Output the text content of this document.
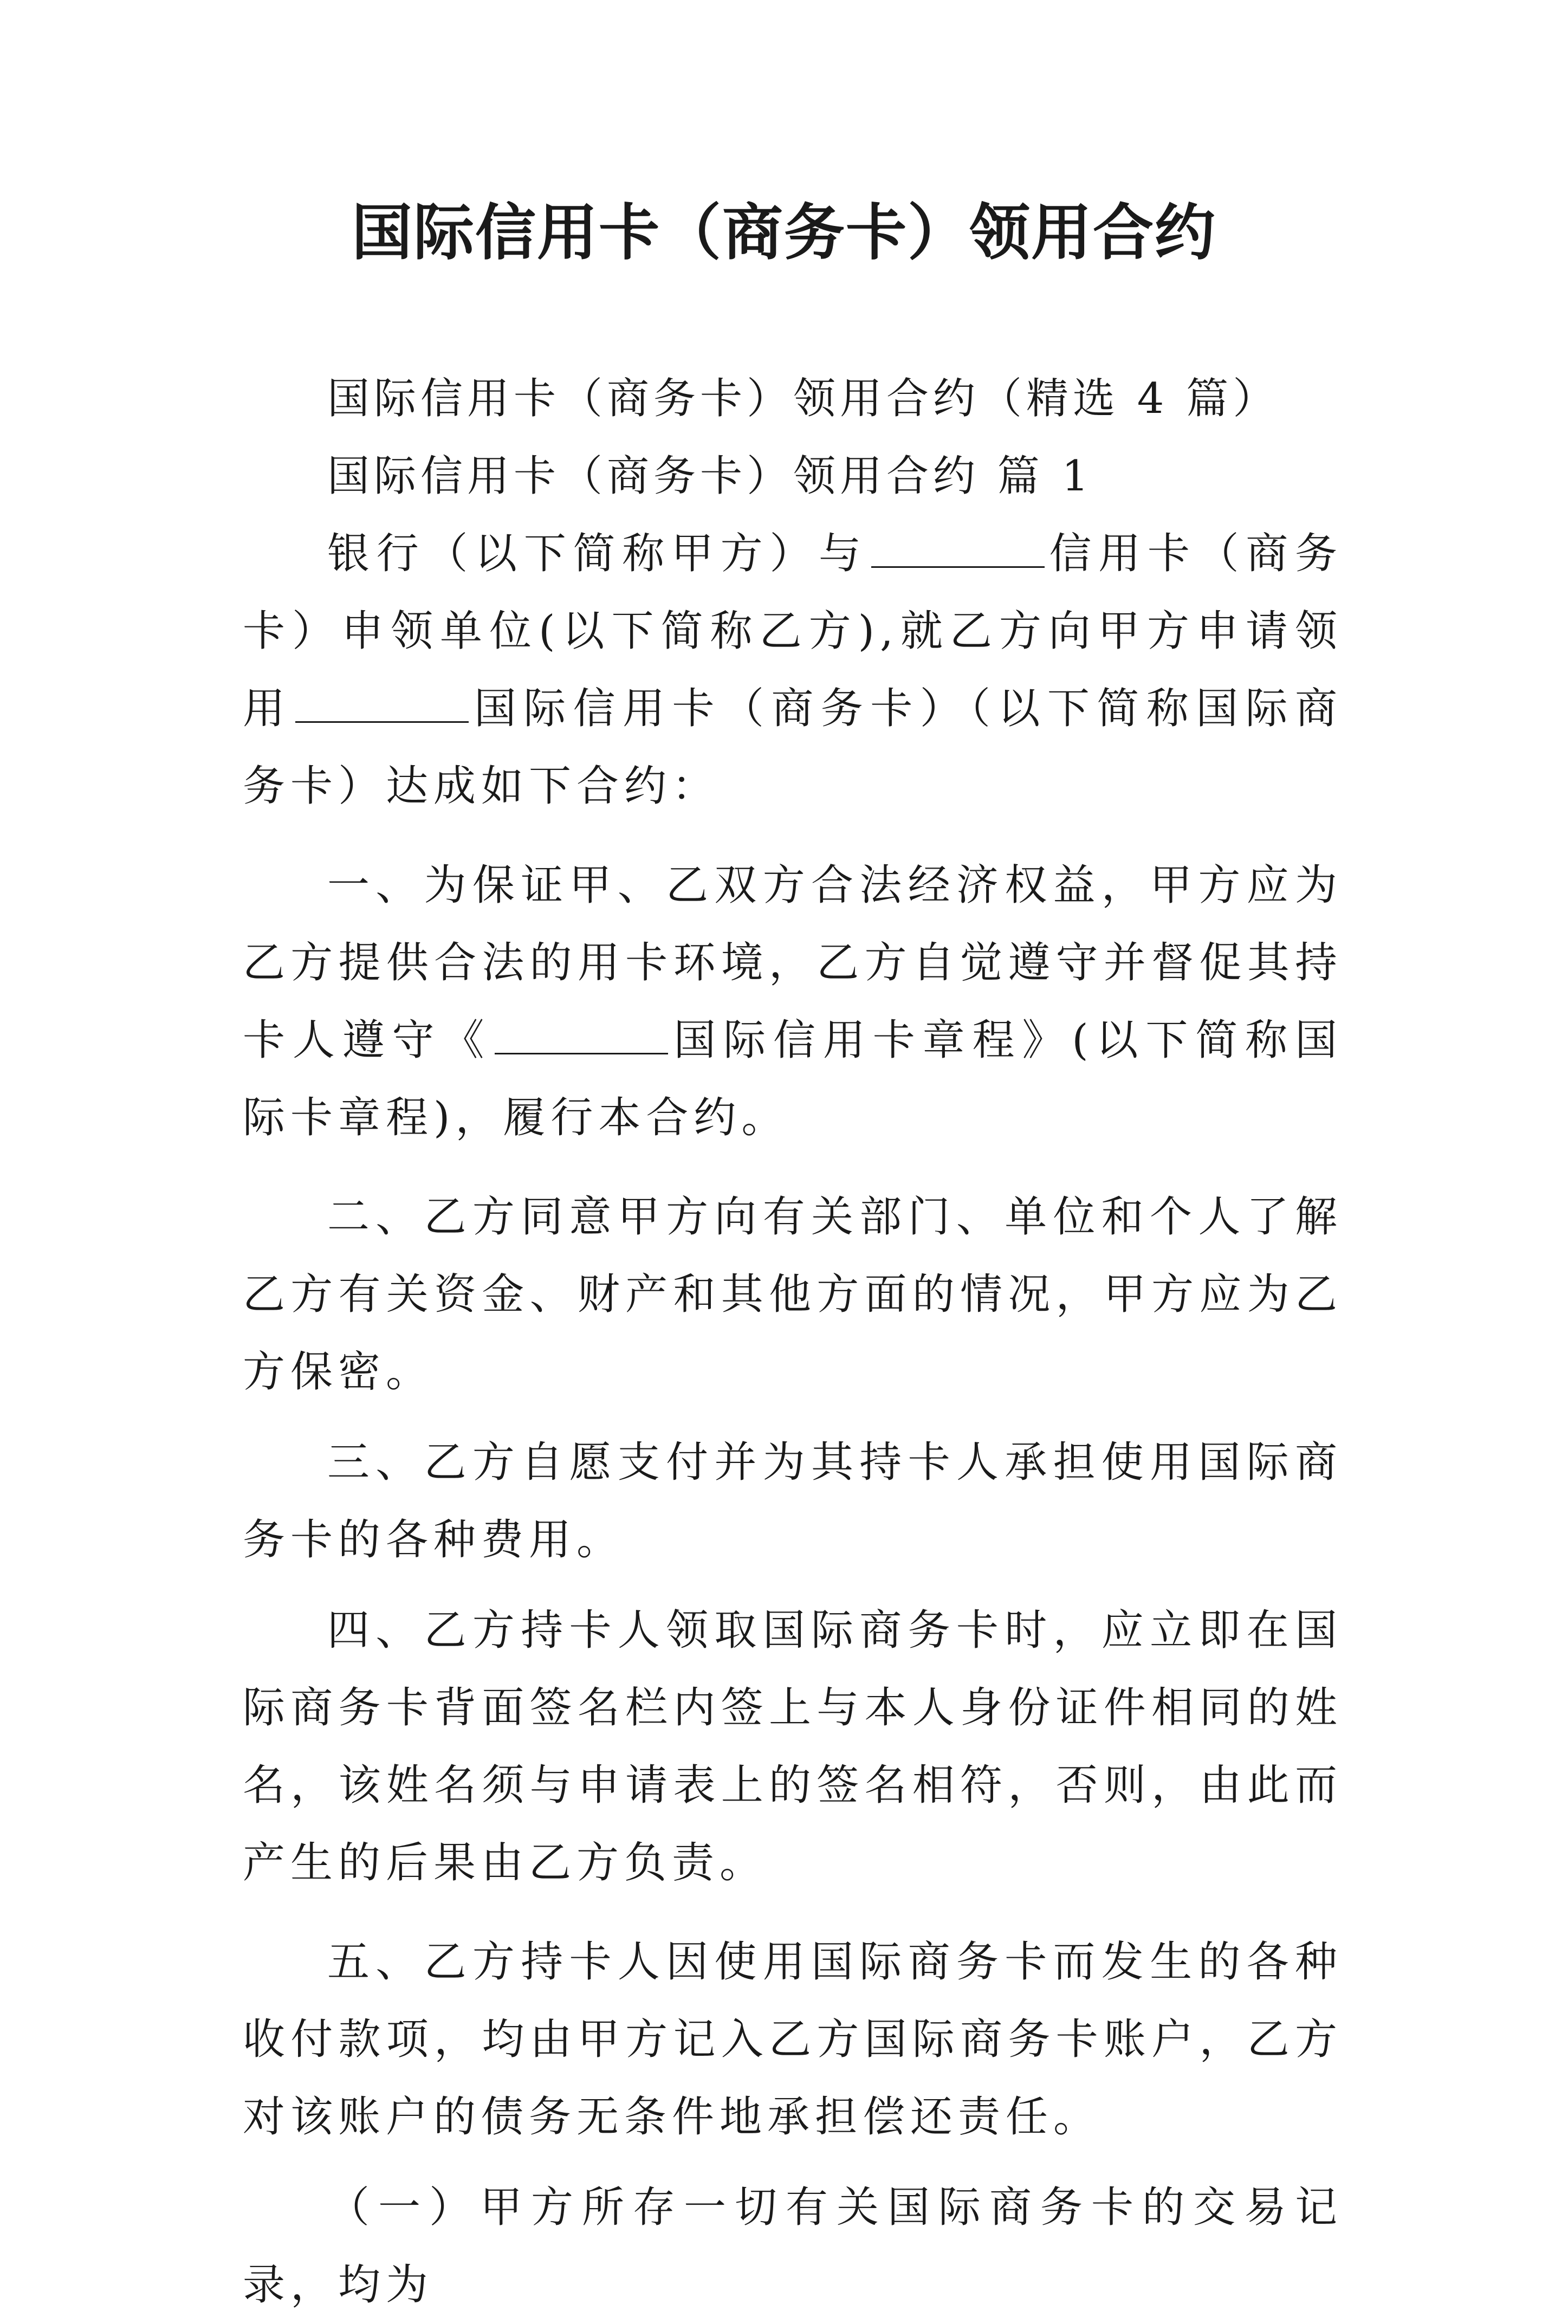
国际信用卡（商务卡）领用合约

国际信用卡（商务卡）领用合约（精选 4 篇）

国际信用卡（商务卡）领用合约 篇 1

银行（以下简称甲方）与	信用卡（商务卡）申领单位(以下简称乙方),就乙方向甲方申请领用	国际信用卡（商务卡）（以下简称国际商务卡）达成如下合约：

一、为保证甲、乙双方合法经济权益，甲方应为乙方提供合法的用卡环境，乙方自觉遵守并督促其持卡人遵守《	国际信用卡章程》(以下简称国际卡章程)，履行本合约。

二、乙方同意甲方向有关部门、单位和个人了解乙方有关资金、财产和其他方面的情况，甲方应为乙方保密。

三、乙方自愿支付并为其持卡人承担使用国际商务卡的各种费用。

四、乙方持卡人领取国际商务卡时，应立即在国际商务卡背面签名栏内签上与本人身份证件相同的姓名，该姓名须与申请表上的签名相符，否则，由此而产生的后果由乙方负责。

五、乙方持卡人因使用国际商务卡而发生的各种收付款项，均由甲方记入乙方国际商务卡账户，乙方对该账户的债务无条件地承担偿还责任。

（一）甲方所存一切有关国际商务卡的交易记录，均为
